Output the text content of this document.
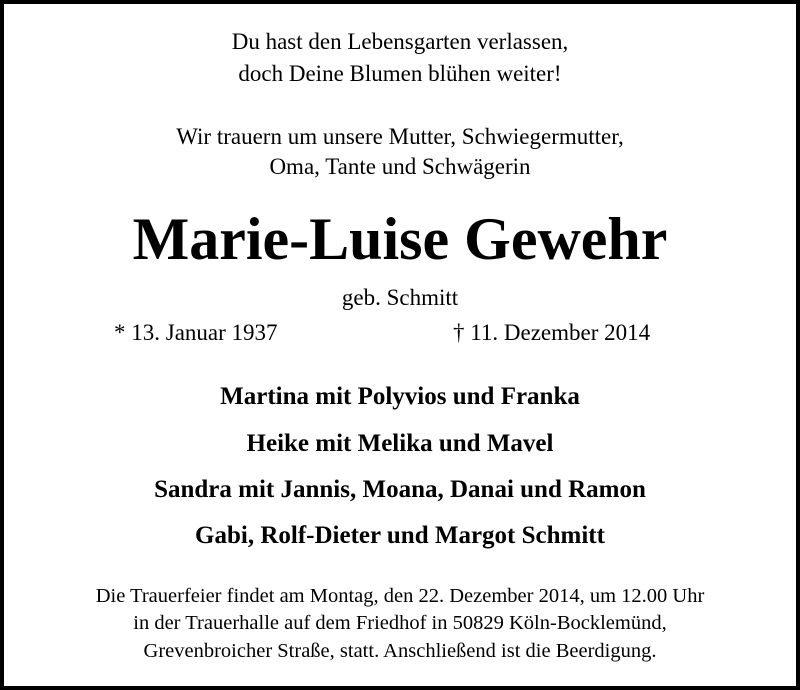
Du hast den Lebensgarten verlassen,
doch Deine Blumen blühen weiter!
Wir trauern um unsere Mutter, Schwiegermutter,
Oma, Tante und Schwägerin
Marie-Luise Gewehr
geb. Schmitt
* 13. Januar 1937	† 11. Dezember 2014
Martina mit Polyvios und Franka
Heike mit Melika und Mavel
Sandra mit Jannis, Moana, Danai und Ramon
Gabi, Rolf-Dieter und Margot Schmitt
Die Trauerfeier findet am Montag, den 22. Dezember 2014, um 12.00 Uhr
in der Trauerhalle auf dem Friedhof in 50829 Köln-Bocklemünd,
Grevenbroicher Straße, statt. Anschließend ist die Beerdigung.
